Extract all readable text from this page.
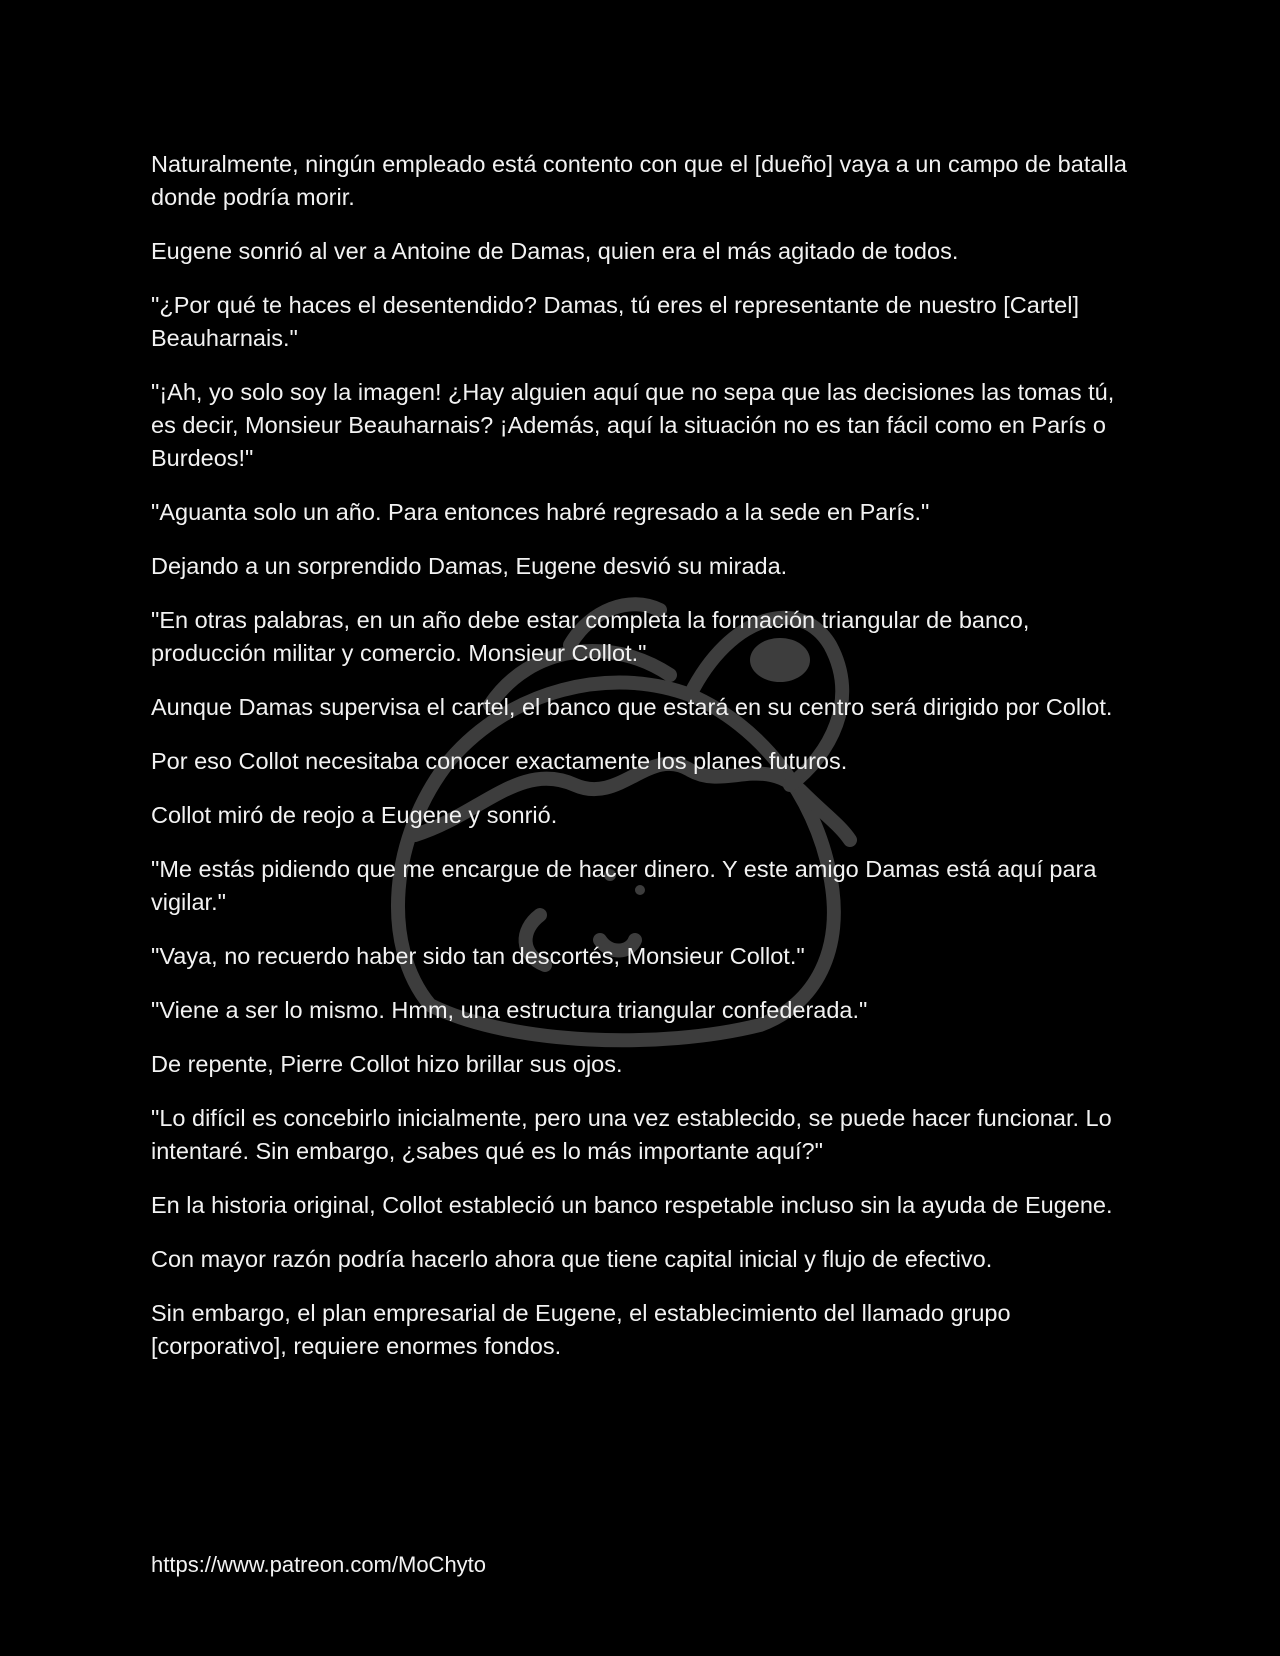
Naturalmente, ningún empleado está contento con que el [dueño] vaya a un campo de batalla donde podría morir.

Eugene sonrió al ver a Antoine de Damas, quien era el más agitado de todos.

"¿Por qué te haces el desentendido? Damas, tú eres el representante de nuestro [Cartel] Beauharnais."

"¡Ah, yo solo soy la imagen! ¿Hay alguien aquí que no sepa que las decisiones las tomas tú, es decir, Monsieur Beauharnais? ¡Además, aquí la situación no es tan fácil como en París o Burdeos!"

"Aguanta solo un año. Para entonces habré regresado a la sede en París."

Dejando a un sorprendido Damas, Eugene desvió su mirada.

"En otras palabras, en un año debe estar completa la formación triangular de banco, producción militar y comercio. Monsieur Collot."

Aunque Damas supervisa el cartel, el banco que estará en su centro será dirigido por Collot.

Por eso Collot necesitaba conocer exactamente los planes futuros.

Collot miró de reojo a Eugene y sonrió.

"Me estás pidiendo que me encargue de hacer dinero. Y este amigo Damas está aquí para vigilar."

"Vaya, no recuerdo haber sido tan descortés, Monsieur Collot."

"Viene a ser lo mismo. Hmm, una estructura triangular confederada."

De repente, Pierre Collot hizo brillar sus ojos.

"Lo difícil es concebirlo inicialmente, pero una vez establecido, se puede hacer funcionar. Lo intentaré. Sin embargo, ¿sabes qué es lo más importante aquí?"

En la historia original, Collot estableció un banco respetable incluso sin la ayuda de Eugene.

Con mayor razón podría hacerlo ahora que tiene capital inicial y flujo de efectivo.

Sin embargo, el plan empresarial de Eugene, el establecimiento del llamado grupo [corporativo], requiere enormes fondos.

https://www.patreon.com/MoChyto
